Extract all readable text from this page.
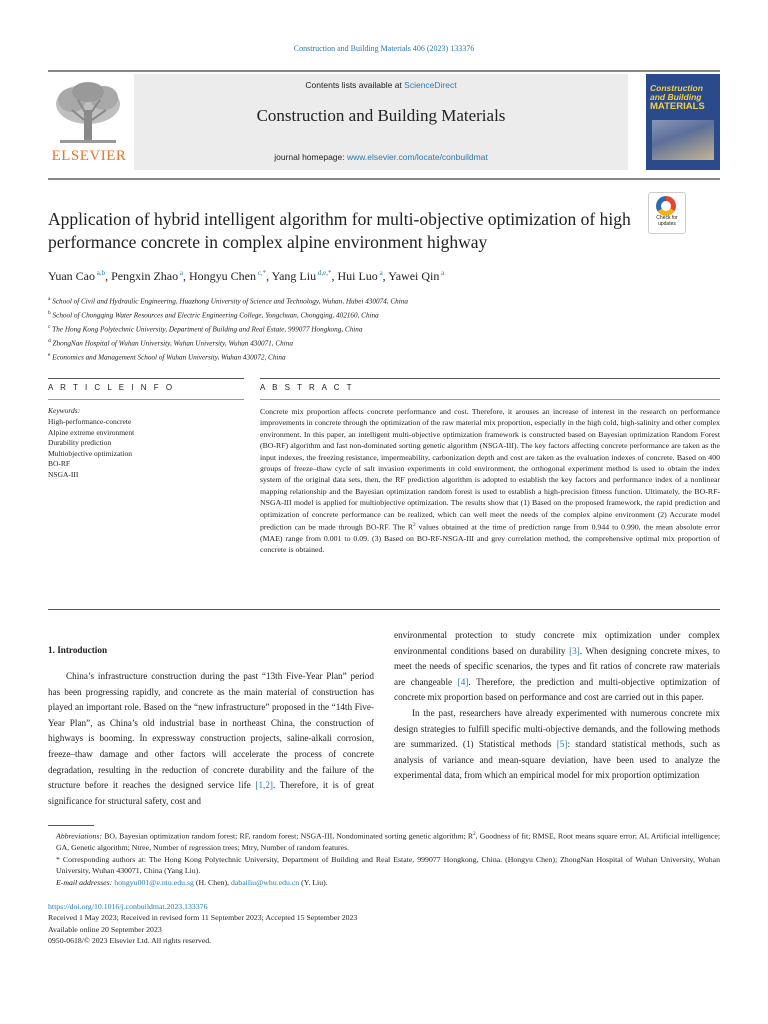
Construction and Building Materials 406 (2023) 133376
ELSEVIER
Contents lists available at ScienceDirect
Construction and Building Materials
journal homepage: www.elsevier.com/locate/conbuildmat
Construction
and Building
MATERIALS
Application of hybrid intelligent algorithm for multi-objective optimization of high performance concrete in complex alpine environment highway
Check for updates
Yuan Cao $^{a,b}$, Pengxin Zhao $^a$, Hongyu Chen $^{c,*}$, Yang Liu $^{d,e,*}$, Hui Luo $^a$, Yawei Qin $^a$
$^a$ School of Civil and Hydraulic Engineering, Huazhong University of Science and Technology, Wuhan, Hubei 430074, China
$^b$ School of Chongqing Water Resources and Electric Engineering College, Yongchuan, Chongqing, 402160, China
$^c$ The Hong Kong Polytechnic University, Department of Building and Real Estate, 999077 Hongkong, China
$^d$ ZhongNan Hospital of Wuhan University, Wuhan University, Wuhan 430071, China
$^e$ Economics and Management School of Wuhan University, Wuhan 430072, China
A R T I C L E I N F O	A B S T R A C T
Keywords:
High-performance-concrete
Alpine extreme environment
Durability prediction
Multiobjective optimization
BO-RF
NSGA-III
Concrete mix proportion affects concrete performance and cost. Therefore, it arouses an increase of interest in the research on performance improvements in concrete through the optimization of the raw material mix proportion, especially in the high cold, high-salinity and other complex environment. In this paper, an intelligent multi-objective optimization framework is constructed based on Bayesian optimization Random Forest (BO-RF) algorithm and fast non-dominated sorting genetic algorithm (NSGA-III). The key factors affecting concrete performance are taken as the input indexes, the freezing resistance, impermeability, carbonization depth and cost are taken as the evaluation indexes of concrete. Based on 400 groups of freeze–thaw cycle of salt invasion experiments in cold environment, the orthogonal experiment method is used to obtain the index system of the original data sets, then, the RF prediction algorithm is adopted to establish the key factors and performance index of a nonlinear mapping relationship and the Bayesian optimization random forest is used to establish a high-precision fitness function. Ultimately, the BO-RF-NSGA-III model is applied for multiobjective optimization. The results show that (1) Based on the proposed framework, the rapid prediction and optimization of concrete performance can be realized, which can well meet the needs of the complex alpine environment (2) Accurate model prediction can be made through BO-RF. The $R^2$ values obtained at the time of prediction range from 0.944 to 0.990, the mean absolute error (MAE) range from 0.001 to 0.09. (3) Based on BO-RF-NSGA-III and grey correlation method, the comprehensive optimal mix proportion of concrete is obtained.
1. Introduction
China’s infrastructure construction during the past “13th Five-Year Plan” period has been progressing rapidly, and concrete as the main material of construction has played an important role. Based on the “new infrastructure” proposed in the “14th Five-Year Plan”, as China’s old industrial base in northeast China, the construction of highways is booming. In expressway construction projects, saline-alkali corrosion, freeze–thaw damage and other factors will accelerate the process of concrete degradation, resulting in the reduction of concrete durability and the failure of the structure before it reaches the designed service life [1,2]. Therefore, it is of great significance for structural safety, cost and
environmental protection to study concrete mix optimization under complex environmental conditions based on durability [3]. When designing concrete mixes, to meet the needs of specific scenarios, the types and fit ratios of concrete raw materials are changeable [4]. Therefore, the prediction and multi-objective optimization of concrete mix proportion based on performance and cost are carried out in this paper.
In the past, researchers have already experimented with numerous concrete mix design strategies to fulfill specific multi-objective demands, and the following methods are summarized. (1) Statistical methods [5]: standard statistical methods, such as analysis of variance and mean-square deviation, have been used to analyze the experimental data, from which an empirical model for mix proportion optimization
Abbreviations: BO, Bayesian optimization random forest; RF, random forest; NSGA-III, Nondominated sorting genetic algorithm; $R^2$, Goodness of fit; RMSE, Root means square error; AI, Artificial intelligence; GA, Genetic algorithm; Ntree, Number of regression trees; Mtry, Number of random features.
* Corresponding authors at: The Hong Kong Polytechnic University, Department of Building and Real Estate, 999077 Hongkong, China. (Hongyu Chen); ZhongNan Hospital of Wuhan University, Wuhan University, Wuhan 430071, China (Yang Liu).
E-mail addresses: hongyu001@e.ntu.edu.sg (H. Chen), dabailiu@whu.edu.cn (Y. Liu).
https://doi.org/10.1016/j.conbuildmat.2023.133376
Received 1 May 2023; Received in revised form 11 September 2023; Accepted 15 September 2023
Available online 20 September 2023
0950-0618/© 2023 Elsevier Ltd. All rights reserved.
